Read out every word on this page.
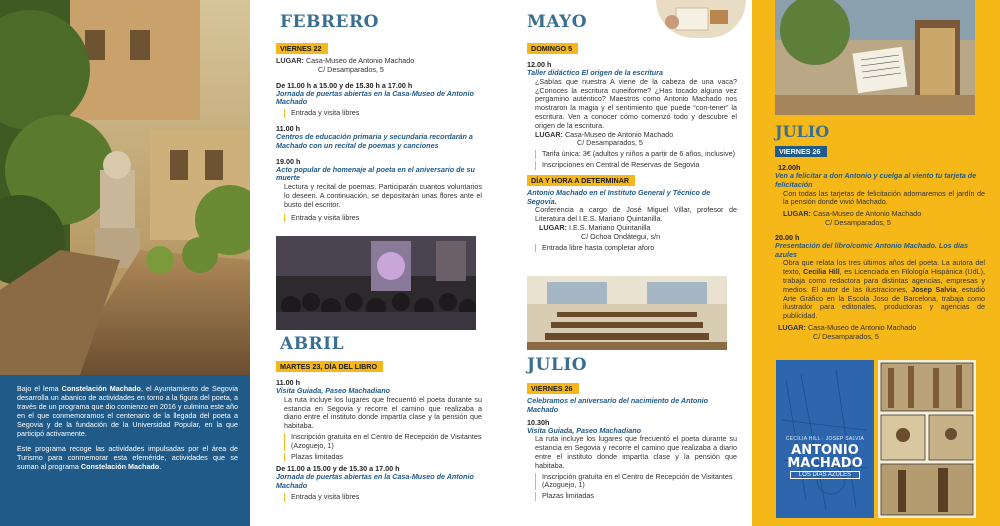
Bajo el lema Constelación Machado, el Ayuntamiento de Segovia desarrolla un abanico de actividades en torno a la figura del poeta, a través de un programa que dio comienzo en 2016 y culmina este año en el que conmemoramos el centenario de la llegada del poeta a Segovia y de la fundación de la Universidad Popular, en la que participó activamente.

Este programa recoge las actividades impulsadas por el área de Turismo para conmemorar esta efeméride, actividades que se suman al programa Constelación Machado.

FEBRERO
VIERNES 22
LUGAR: Casa-Museo de Antonio Machado
C/ Desamparados, 5
De 11.00 h a 15.00 y de 15.30 h a 17.00 h
Jornada de puertas abiertas en la Casa-Museo de Antonio Machado
Entrada y visita libres
11.00 h
Centros de educación primaria y secundaria recordarán a Machado con un recital de poemas y canciones
19.00 h
Acto popular de homenaje al poeta en el aniversario de su muerte
Lectura y recital de poemas. Participarán cuantos voluntarios lo deseen. A continuación, se depositarán unas flores ante el busto del escritor.
Entrada y visita libres
ABRIL
MARTES 23, DÍA DEL LIBRO
11.00 h
Visita Guiada, Paseo Machadiano
La ruta incluye los lugares que frecuentó el poeta durante su estancia en Segovia y recorre el camino que realizaba a diario entre el instituto donde impartía clase y la pensión que habitaba.
Inscripción gratuita en el Centro de Recepción de Visitantes (Azoguejo, 1)
Plazas limitadas
De 11.00 a 15.00 y de 15.30 a 17.00 h
Jornada de puertas abiertas en la Casa-Museo de Antonio Machado
Entrada y visita libres
MAYO
DOMINGO 5
12.00 h
Taller didáctico El origen de la escritura
¿Sabías que nuestra A viene de la cabeza de una vaca? ¿Conoces la escritura cuneiforme? ¿Has tocado alguna vez pergamino auténtico? Maestros como Antonio Machado nos mostraron la magia y el sentimiento que puede “con-tener” la escritura. Ven a conocer cómo comenzó todo y descubre el origen de la escritura.
LUGAR: Casa-Museo de Antonio Machado
C/ Desamparados, 5
Tarifa única: 3€ (adultos y niños a partir de 6 años, inclusive)
Inscripciones en Central de Reservas de Segovia
DÍA Y HORA A DETERMINAR
Antonio Machado en el Instituto General y Técnico de Segovia.
Conferencia a cargo de José Miguel Villar, profesor de Literatura del I.E.S. Mariano Quintanilla.
LUGAR: I.E.S. Mariano Quintanilla
C/ Ochoa Ondátegui, s/n
Entrada libre hasta completar aforo
JULIO
VIERNES 26
Celebramos el aniversario del nacimiento de Antonio Machado
10.30h
Visita Guiada, Paseo Machadiano
La ruta incluye los lugares que frecuentó el poeta durante su estancia en Segovia y recorre el camino que realizaba a diario entre el instituto donde impartía clase y la pensión que habitaba.
Inscripción gratuita en el Centro de Recepción de Visitantes (Azoguejo, 1)
Plazas limitadas
JULIO
VIERNES 26
12.00h
Ven a felicitar a don Antonio y cuelga al viento tu tarjeta de felicitación
Con todas las tarjetas de felicitación adornaremos el jardín de la pensión donde vivió Machado.
LUGAR: Casa-Museo de Antonio Machado
C/ Desamparados, 5
20.00 h
Presentación del libro/comic Antonio Machado. Los días azules
Obra que relata los tres últimos años del poeta. La autora del texto, Cecilia Hill, es Licenciada en Filología Hispánica (UdL), trabaja como redactora para distintas agencias, empresas y medios. El autor de las ilustraciones, Josep Salvia, estudió Arte Gráfico en la Escola Joso de Barcelona, trabaja como ilustrador para editoriales, productoras y agencias de publicidad.
LUGAR: Casa-Museo de Antonio Machado
C/ Desamparados, 5
CECILIA HILL · JOSEP SALVIA
ANTONIO
MACHADO
LOS DÍAS AZULES
